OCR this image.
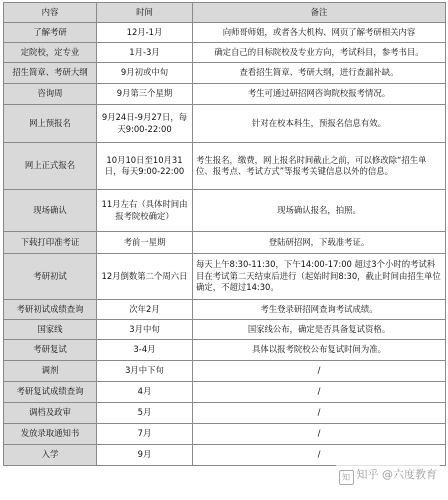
内容	时间	备注
了解考研	12月-1月	向师哥师姐，或者各大机构、网页了解考研相关内容
定院校，定专业	1月-3月	确定自己的目标院校及专业方向，考试科目，参考书目。
招生简章、考研大纲	9月初或中旬	查看招生简章、考研大纲，进行查漏补缺。
咨询周	9月第三个星期	考生可通过研招网咨询院校报考情况。
网上预报名	9月24日-9月27日，每天9:00-22:00	针对在校本科生，预报名信息有效。
网上正式报名	10月10日至10月31日，每天9:00-22:00	考生报名，缴费，网上报名时间截止之前，可以修改除“招生单位、报考点、考试方式”等报考关键信息以外的信息。
现场确认	11月左右（具体时间由报考院校确定）	现场确认报名，拍照。
下载打印准考证	考前一星期	登陆研招网，下载准考证。
考研初试	12月倒数第二个周六日	每天上午8:30-11:30，下午14:00-17:00 超过3个小时的考试科目在考试第二天结束后进行（起始时间8:30，截止时间由招生单位确定，不超过14:30。
考研初试成绩查询	次年2月	考生登录研招网查询考试成绩。
国家线	3月中旬	国家线公布，确定是否具备复试资格。
考研复试	3-4月	具体以报考院校公布复试时间为准。
调剂	3月中下旬	/
考研复试成绩查询	4月	/
调档及政审	5月	/
发放录取通知书	7月	/
入学	9月	/
知 知乎 @六度教育
